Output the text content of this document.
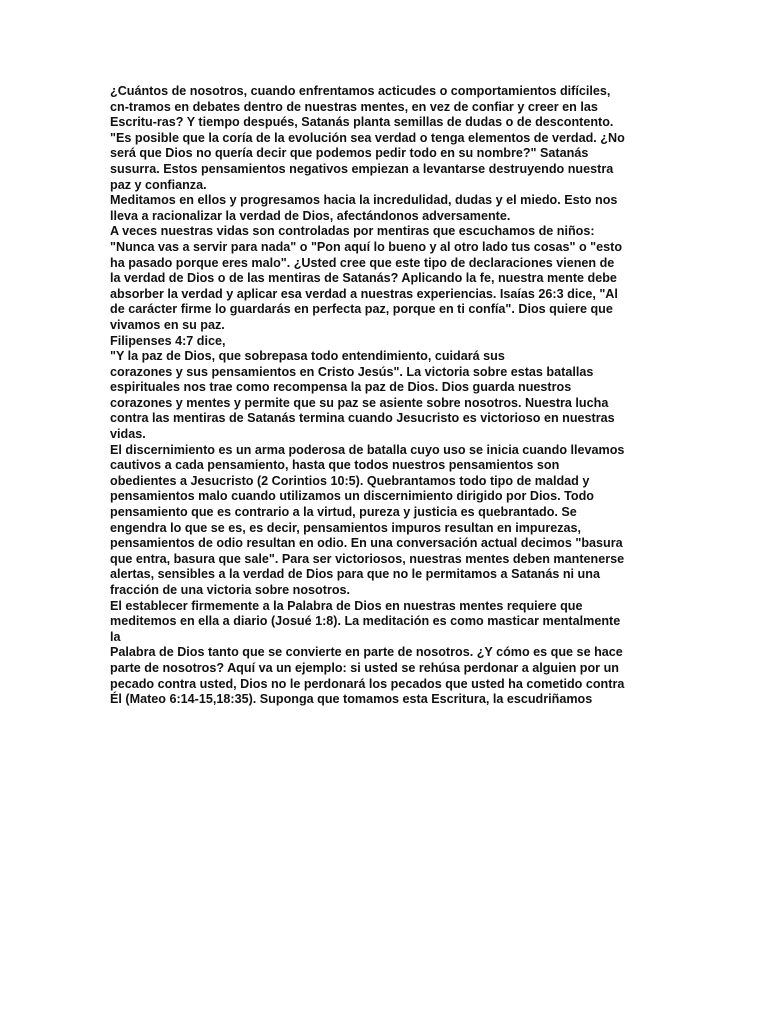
¿Cuántos de nosotros, cuando enfrentamos acticudes o comportamientos difíciles,
cn-tramos en debates dentro de nuestras mentes, en vez de confiar y creer en las
Escritu-ras? Y tiempo después, Satanás planta semillas de dudas o de descontento.
"Es posible que la coría de la evolución sea verdad o tenga elementos de verdad. ¿No
será que Dios no quería decir que podemos pedir todo en su nombre?" Satanás
susurra. Estos pensamientos negativos empiezan a levantarse destruyendo nuestra
paz y confianza.
Meditamos en ellos y progresamos hacia la incredulidad, dudas y el miedo. Esto nos
lleva a racionalizar la verdad de Dios, afectándonos adversamente.
A veces nuestras vidas son controladas por mentiras que escuchamos de niños:
"Nunca vas a servir para nada" o "Pon aquí lo bueno y al otro lado tus cosas" o "esto
ha pasado porque eres malo". ¿Usted cree que este tipo de declaraciones vienen de
la verdad de Dios o de las mentiras de Satanás? Aplicando la fe, nuestra mente debe
absorber la verdad y aplicar esa verdad a nuestras experiencias. Isaías 26:3 dice, "Al
de carácter firme lo guardarás en perfecta paz, porque en ti confía". Dios quiere que
vivamos en su paz.
Filipenses 4:7 dice,
"Y la paz de Dios, que sobrepasa todo entendimiento, cuidará sus
corazones y sus pensamientos en Cristo Jesús". La victoria sobre estas batallas
espirituales nos trae como recompensa la paz de Dios. Dios guarda nuestros
corazones y mentes y permite que su paz se asiente sobre nosotros. Nuestra lucha
contra las mentiras de Satanás termina cuando Jesucristo es victorioso en nuestras
vidas.
El discernimiento es un arma poderosa de batalla cuyo uso se inicia cuando llevamos
cautivos a cada pensamiento, hasta que todos nuestros pensamientos son
obedientes a Jesucristo (2 Corintios 10:5). Quebrantamos todo tipo de maldad y
pensamientos malo cuando utilizamos un discernimiento dirigido por Dios. Todo
pensamiento que es contrario a la virtud, pureza y justicia es quebrantado. Se
engendra lo que se es, es decir, pensamientos impuros resultan en impurezas,
pensamientos de odio resultan en odio. En una conversación actual decimos "basura
que entra, basura que sale". Para ser victoriosos, nuestras mentes deben mantenerse
alertas, sensibles a la verdad de Dios para que no le permitamos a Satanás ni una
fracción de una victoria sobre nosotros.
El establecer firmemente a la Palabra de Dios en nuestras mentes requiere que
meditemos en ella a diario (Josué 1:8). La meditación es como masticar mentalmente
la
Palabra de Dios tanto que se convierte en parte de nosotros. ¿Y cómo es que se hace
parte de nosotros? Aquí va un ejemplo: si usted se rehúsa perdonar a alguien por un
pecado contra usted, Dios no le perdonará los pecados que usted ha cometido contra
Él (Mateo 6:14-15,18:35). Suponga que tomamos esta Escritura, la escudriñamos
